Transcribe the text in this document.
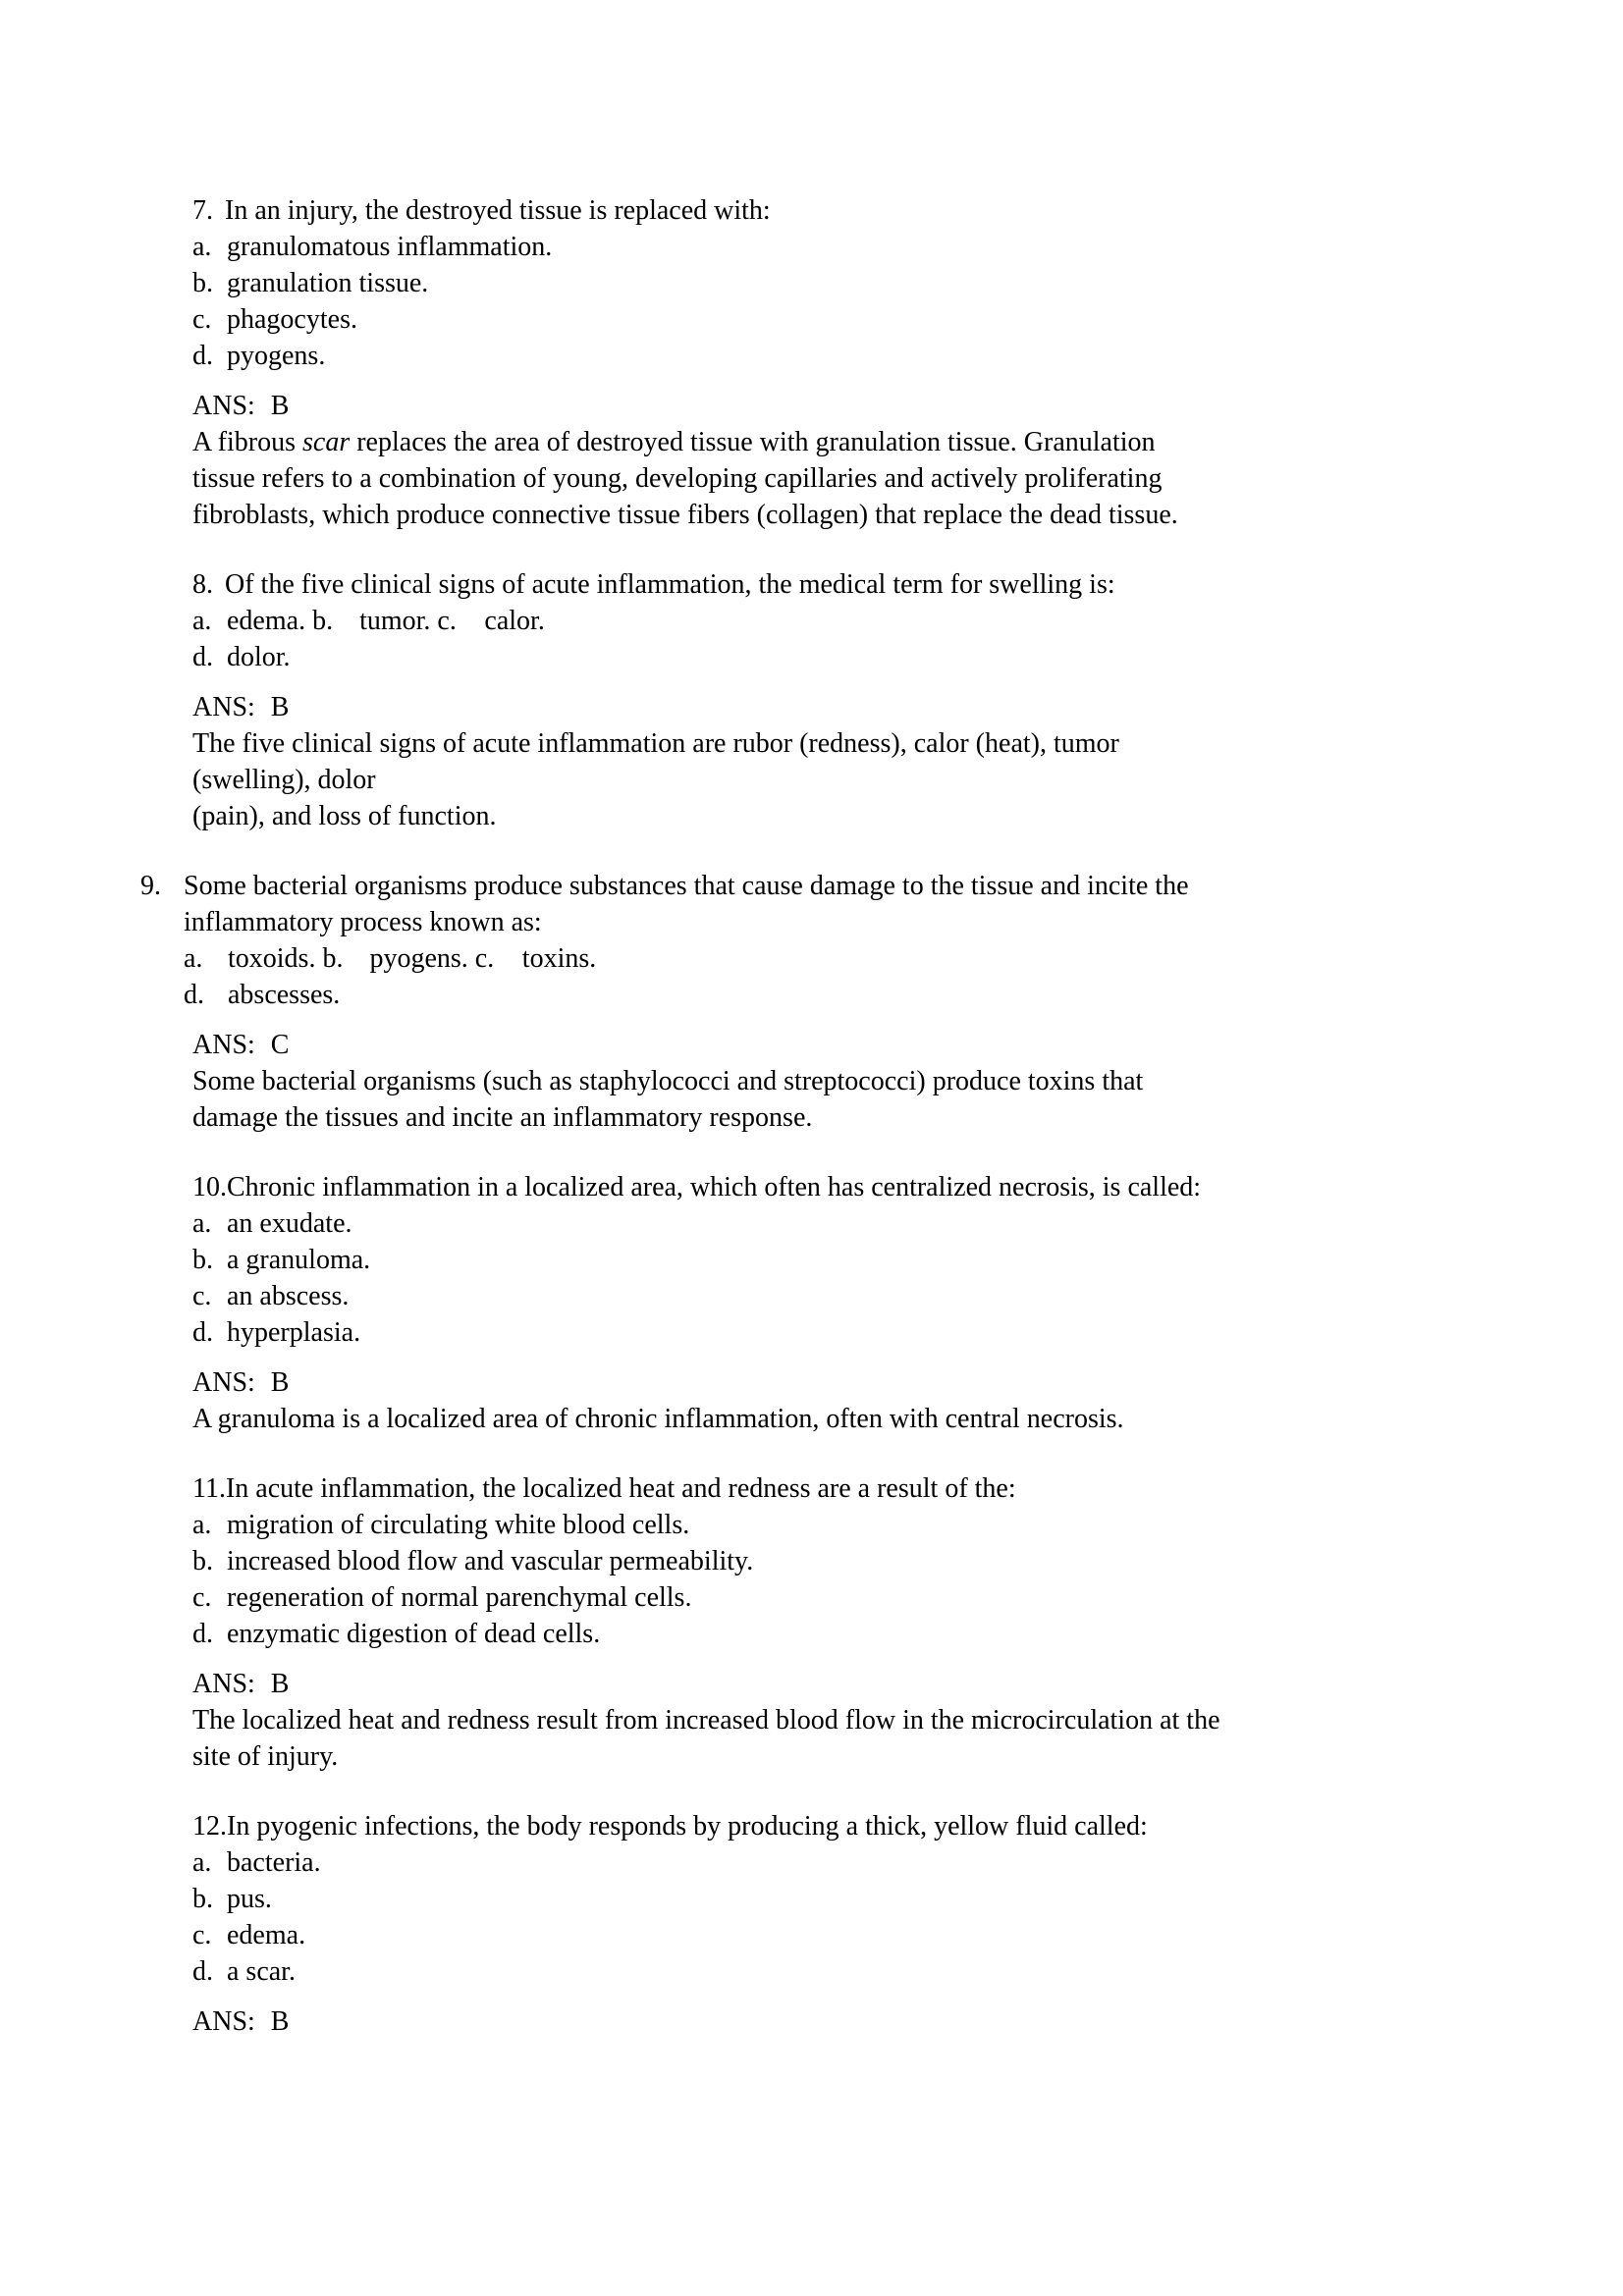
7. In an injury, the destroyed tissue is replaced with:
a. granulomatous inflammation.
b. granulation tissue.
c. phagocytes.
d. pyogens.
ANS: B
A fibrous scar replaces the area of destroyed tissue with granulation tissue. Granulation
tissue refers to a combination of young, developing capillaries and actively proliferating
fibroblasts, which produce connective tissue fibers (collagen) that replace the dead tissue.
8. Of the five clinical signs of acute inflammation, the medical term for swelling is:
a. edema. b. tumor. c.	calor.
d. dolor.
ANS: B
The five clinical signs of acute inflammation are rubor (redness), calor (heat), tumor
(swelling), dolor
(pain), and loss of function.
9. Some bacterial organisms produce substances that cause damage to the tissue and incite the
inflammatory process known as:
a. toxoids. b. pyogens. c.	toxins.
d. abscesses.
ANS: C
Some bacterial organisms (such as staphylococci and streptococci) produce toxins that
damage the tissues and incite an inflammatory response.
10. Chronic inflammation in a localized area, which often has centralized necrosis, is called:
a. an exudate.
b. a granuloma.
c. an abscess.
d. hyperplasia.
ANS: B
A granuloma is a localized area of chronic inflammation, often with central necrosis.
11. In acute inflammation, the localized heat and redness are a result of the:
a. migration of circulating white blood cells.
b. increased blood flow and vascular permeability.
c. regeneration of normal parenchymal cells.
d. enzymatic digestion of dead cells.
ANS: B
The localized heat and redness result from increased blood flow in the microcirculation at the
site of injury.
12. In pyogenic infections, the body responds by producing a thick, yellow fluid called:
a. bacteria.
b. pus.
c. edema.
d. a scar.
ANS: B
